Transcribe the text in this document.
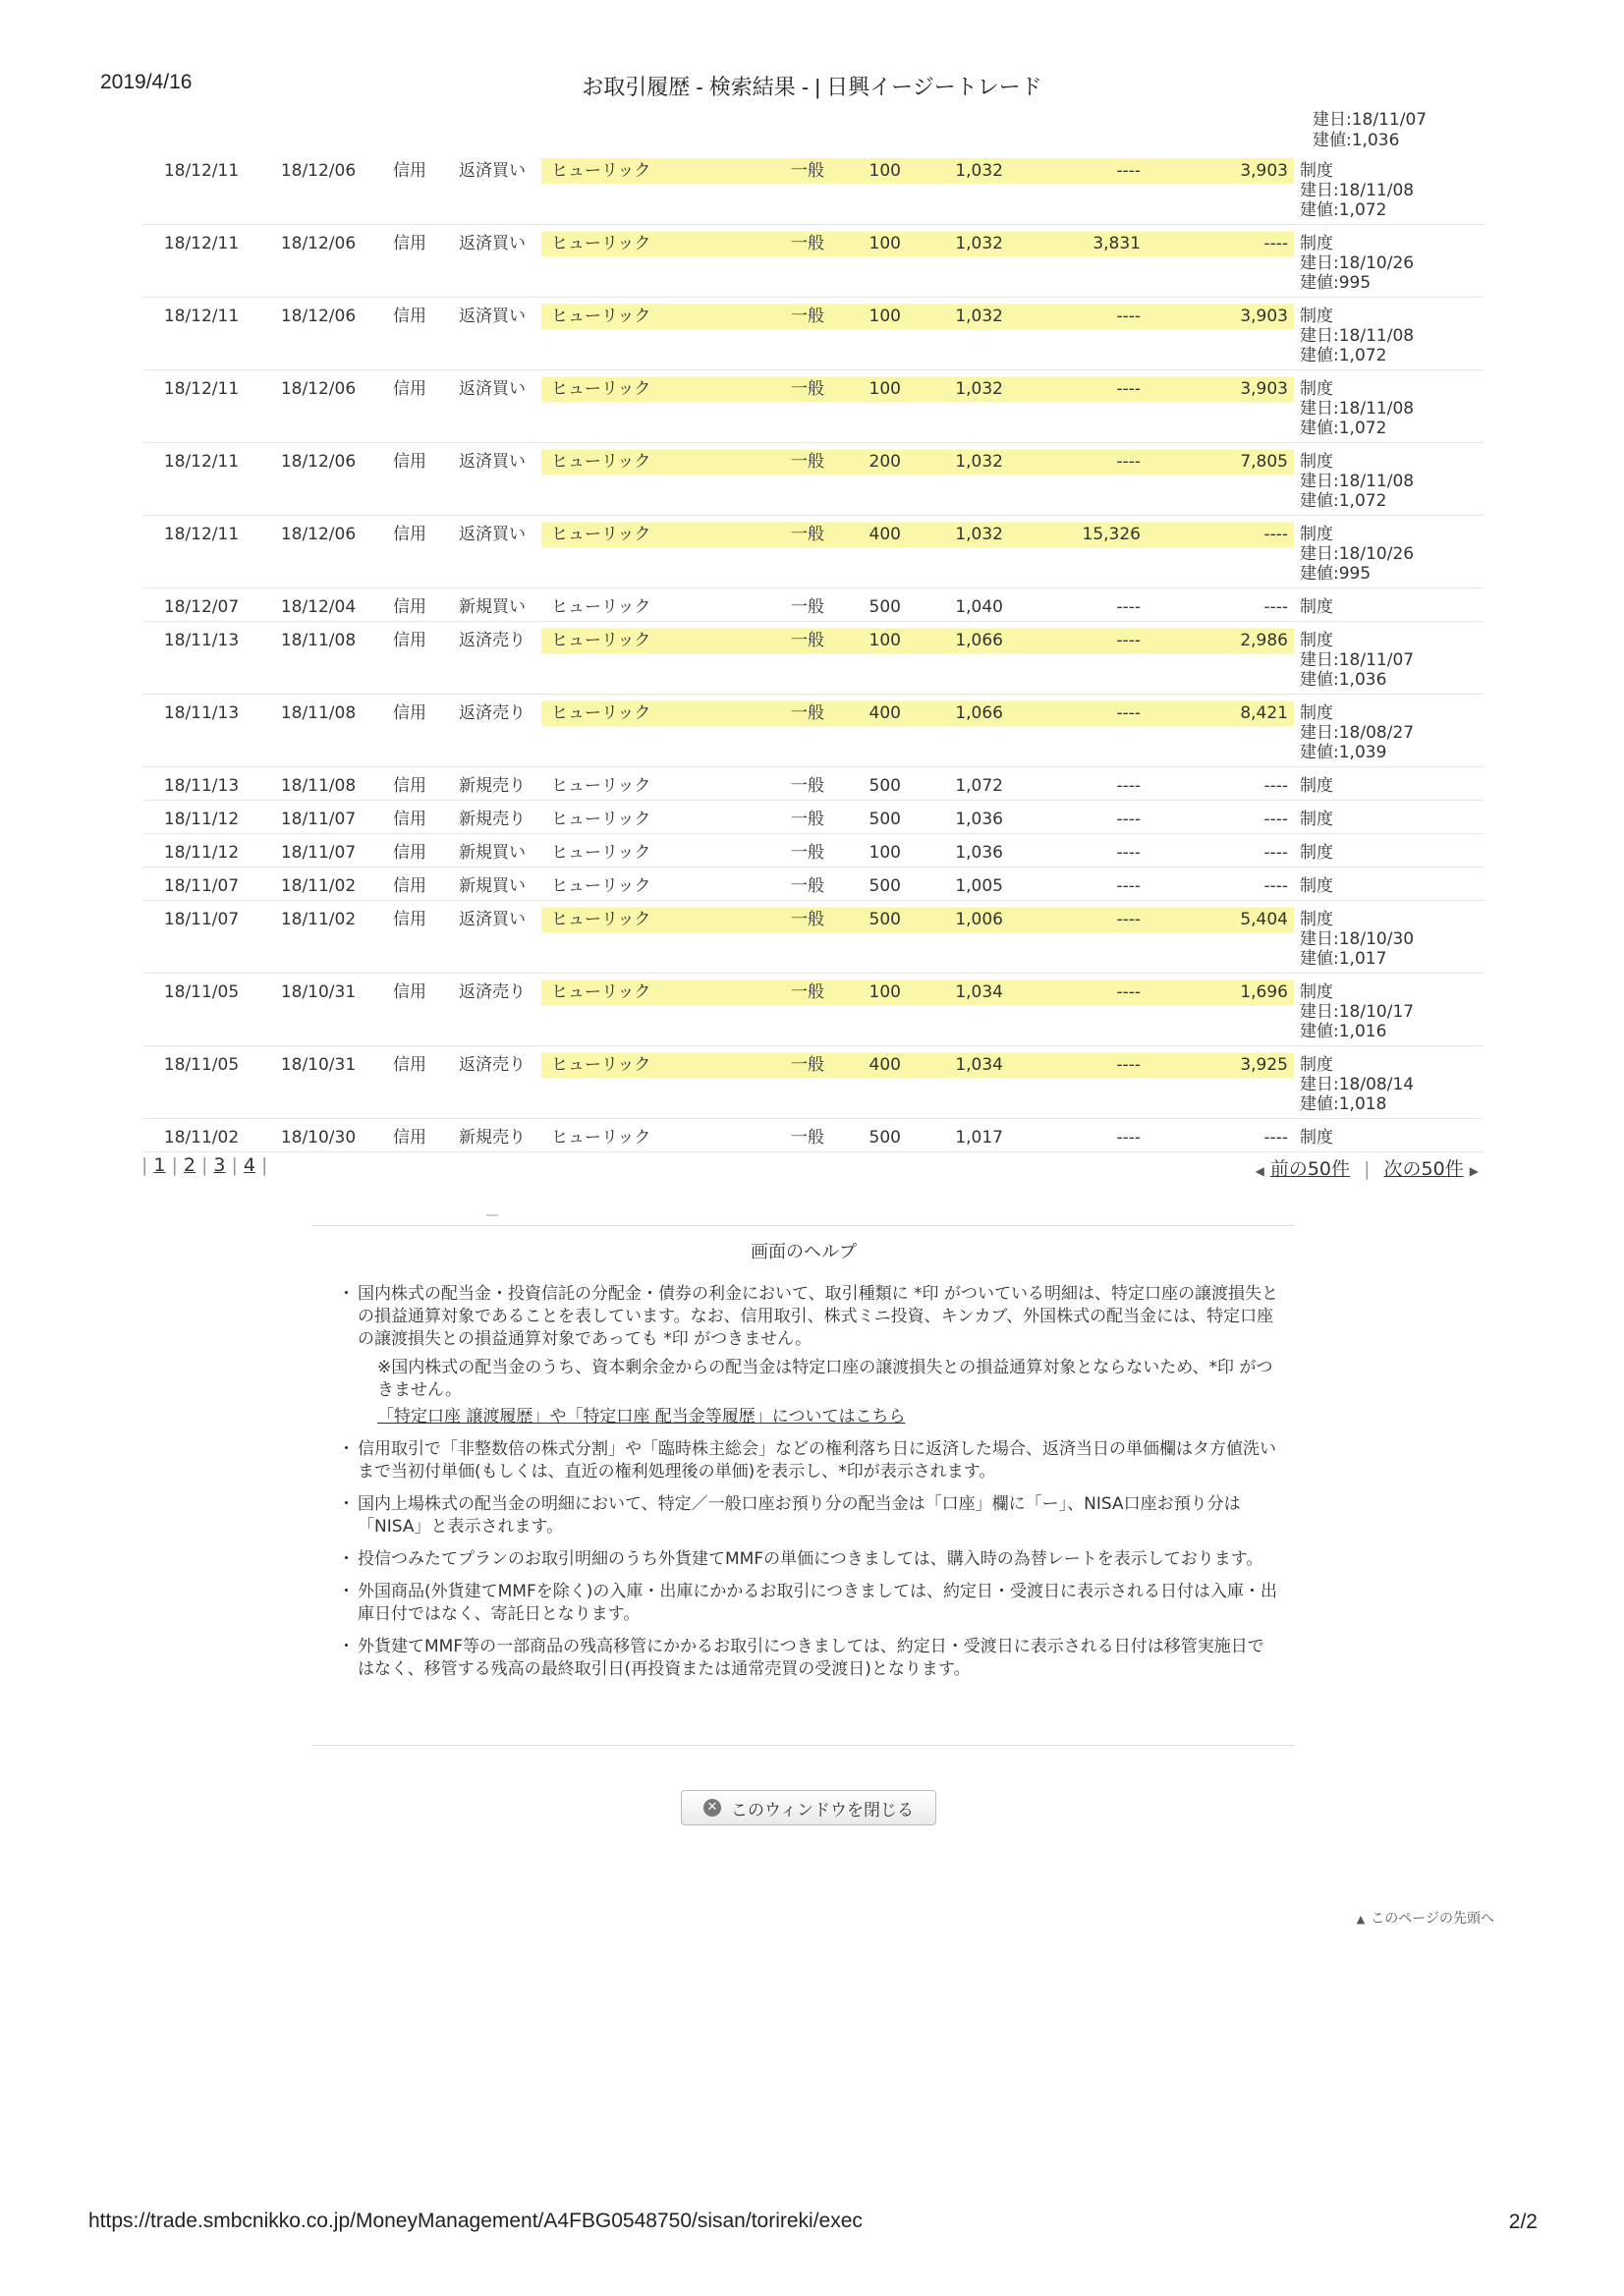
2019/4/16	お取引履歴 - 検索結果 - | 日興イージートレード
建日:18/11/07
建値:1,036
18/12/11	18/12/06	信用	返済買い	ヒューリック	一般	100	1,032	----	3,903	制度
建日:18/11/08
建値:1,072

18/12/11	18/12/06	信用	返済買い	ヒューリック	一般	100	1,032	3,831	----	制度
建日:18/10/26
建値:995

18/12/11	18/12/06	信用	返済買い	ヒューリック	一般	100	1,032	----	3,903	制度
建日:18/11/08
建値:1,072

18/12/11	18/12/06	信用	返済買い	ヒューリック	一般	100	1,032	----	3,903	制度
建日:18/11/08
建値:1,072

18/12/11	18/12/06	信用	返済買い	ヒューリック	一般	200	1,032	----	7,805	制度
建日:18/11/08
建値:1,072

18/12/11	18/12/06	信用	返済買い	ヒューリック	一般	400	1,032	15,326	----	制度
建日:18/10/26
建値:995

18/12/07	18/12/04	信用	新規買い	ヒューリック	一般	500	1,040	----	----	制度

18/11/13	18/11/08	信用	返済売り	ヒューリック	一般	100	1,066	----	2,986	制度
建日:18/11/07
建値:1,036

18/11/13	18/11/08	信用	返済売り	ヒューリック	一般	400	1,066	----	8,421	制度
建日:18/08/27
建値:1,039

18/11/13	18/11/08	信用	新規売り	ヒューリック	一般	500	1,072	----	----	制度

18/11/12	18/11/07	信用	新規売り	ヒューリック	一般	500	1,036	----	----	制度

18/11/12	18/11/07	信用	新規買い	ヒューリック	一般	100	1,036	----	----	制度

18/11/07	18/11/02	信用	新規買い	ヒューリック	一般	500	1,005	----	----	制度

18/11/07	18/11/02	信用	返済買い	ヒューリック	一般	500	1,006	----	5,404	制度
建日:18/10/30
建値:1,017

18/11/05	18/10/31	信用	返済売り	ヒューリック	一般	100	1,034	----	1,696	制度
建日:18/10/17
建値:1,016

18/11/05	18/10/31	信用	返済売り	ヒューリック	一般	400	1,034	----	3,925	制度
建日:18/08/14
建値:1,018

18/11/02	18/10/30	信用	新規売り	ヒューリック	一般	500	1,017	----	----	制度
| 1 | 2 | 3 | 4 |	◀ 前の50件 | 次の50件 ▶
画面のヘルプ
・ 国内株式の配当金・投資信託の分配金・債券の利金において、取引種類に *印 がついている明細は、特定口座の譲渡損失との損益通算対象であることを表しています。なお、信用取引、株式ミニ投資、キンカブ、外国株式の配当金には、特定口座の譲渡損失との損益通算対象であっても *印 がつきません。
※国内株式の配当金のうち、資本剰余金からの配当金は特定口座の譲渡損失との損益通算対象とならないため、*印 がつきません。
「特定口座 譲渡履歴」や「特定口座 配当金等履歴」についてはこちら
・ 信用取引で「非整数倍の株式分割」や「臨時株主総会」などの権利落ち日に返済した場合、返済当日の単価欄はタ方値洗いまで当初付単価(もしくは、直近の権利処理後の単価)を表示し、*印が表示されます。
・ 国内上場株式の配当金の明細において、特定／一般口座お預り分の配当金は「口座」欄に「ー」、NISA口座お預り分は「NISA」と表示されます。
・ 投信つみたてプランのお取引明細のうち外貨建てMMFの単価につきましては、購入時の為替レートを表示しております。
・ 外国商品(外貨建てMMFを除く)の入庫・出庫にかかるお取引につきましては、約定日・受渡日に表示される日付は入庫・出庫日付ではなく、寄託日となります。
・ 外貨建てMMF等の一部商品の残高移管にかかるお取引につきましては、約定日・受渡日に表示される日付は移管実施日ではなく、移管する残高の最終取引日(再投資または通常売買の受渡日)となります。
✕ このウィンドウを閉じる
▲ このページの先頭へ
https://trade.smbcnikko.co.jp/MoneyManagement/A4FBG0548750/sisan/torireki/exec	2/2
